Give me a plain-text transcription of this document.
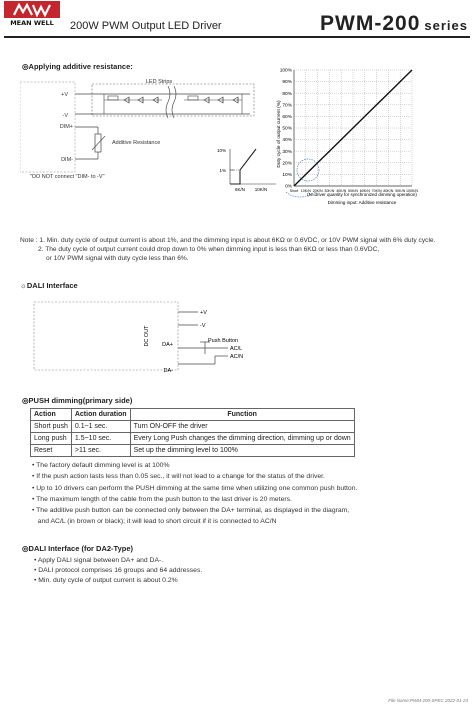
MEAN WELL	200W PWM Output LED Driver	PWM-200 series
◎Applying additive resistance:
LED Strips
+V
-V
DIM+
DIM-
Additive Resistance
"DO NOT connect "DIM- to -V"
10%
1%
6K/N 10K/N
100%
90%
80%
70%
60%
50%
40%
30%
20%
10%
0%
Short 10K/N 20K/N 30K/N 40K/N 50K/N 60K/N 70K/N 80K/N 90K/N 100K/N
Duty cycle of output current (%)
(N=driver quantity for synchronized dimming operation)
Dimming input: Additive resistance
Note : 1. Min. duty cycle of output current is about 1%, and the dimming input is about 6KΩ or 0.6VDC, or 10V PWM signal with 6% duty cycle.
2. The duty cycle of output current could drop down to 0% when dimming input is less than 6KΩ or less than 0.6VDC,
or 10V PWM signal with duty cycle less than 6%.
☼DALI Interface
+V
-V
DC OUT DA+
DA-
Push Button
AC/L
AC/N
◎PUSH dimming(primary side)
Action	Action duration	Function
Short push	0.1~1 sec.	Turn ON-OFF the driver
Long push	1.5~10 sec.	Every Long Push changes the dimming direction, dimming up or down
Reset	>11 sec.	Set up the dimming level to 100%
• The factory default dimming level is at 100%
• If the push action lasts less than 0.05 sec., it will not lead to a change for the status of the driver.
• Up to 10 drivers can perform the PUSH dimming at the same time when utilizing one common push button.
• The maximum length of the cable from the push button to the last driver is 20 meters.
• The additive push button can be connected only between the DA+ terminal, as displayed in the diagram,
and AC/L (in brown or black); it will lead to short circuit if it is connected to AC/N
◎DALI Interface (for DA2-Type)
• Apply DALI signal between DA+ and DA-.
• DALI protocol comprises 16 groups and 64 addresses.
• Min. duty cycle of output current is about 0.2%
File Name:PWM-200-SPEC 2022-01-24
